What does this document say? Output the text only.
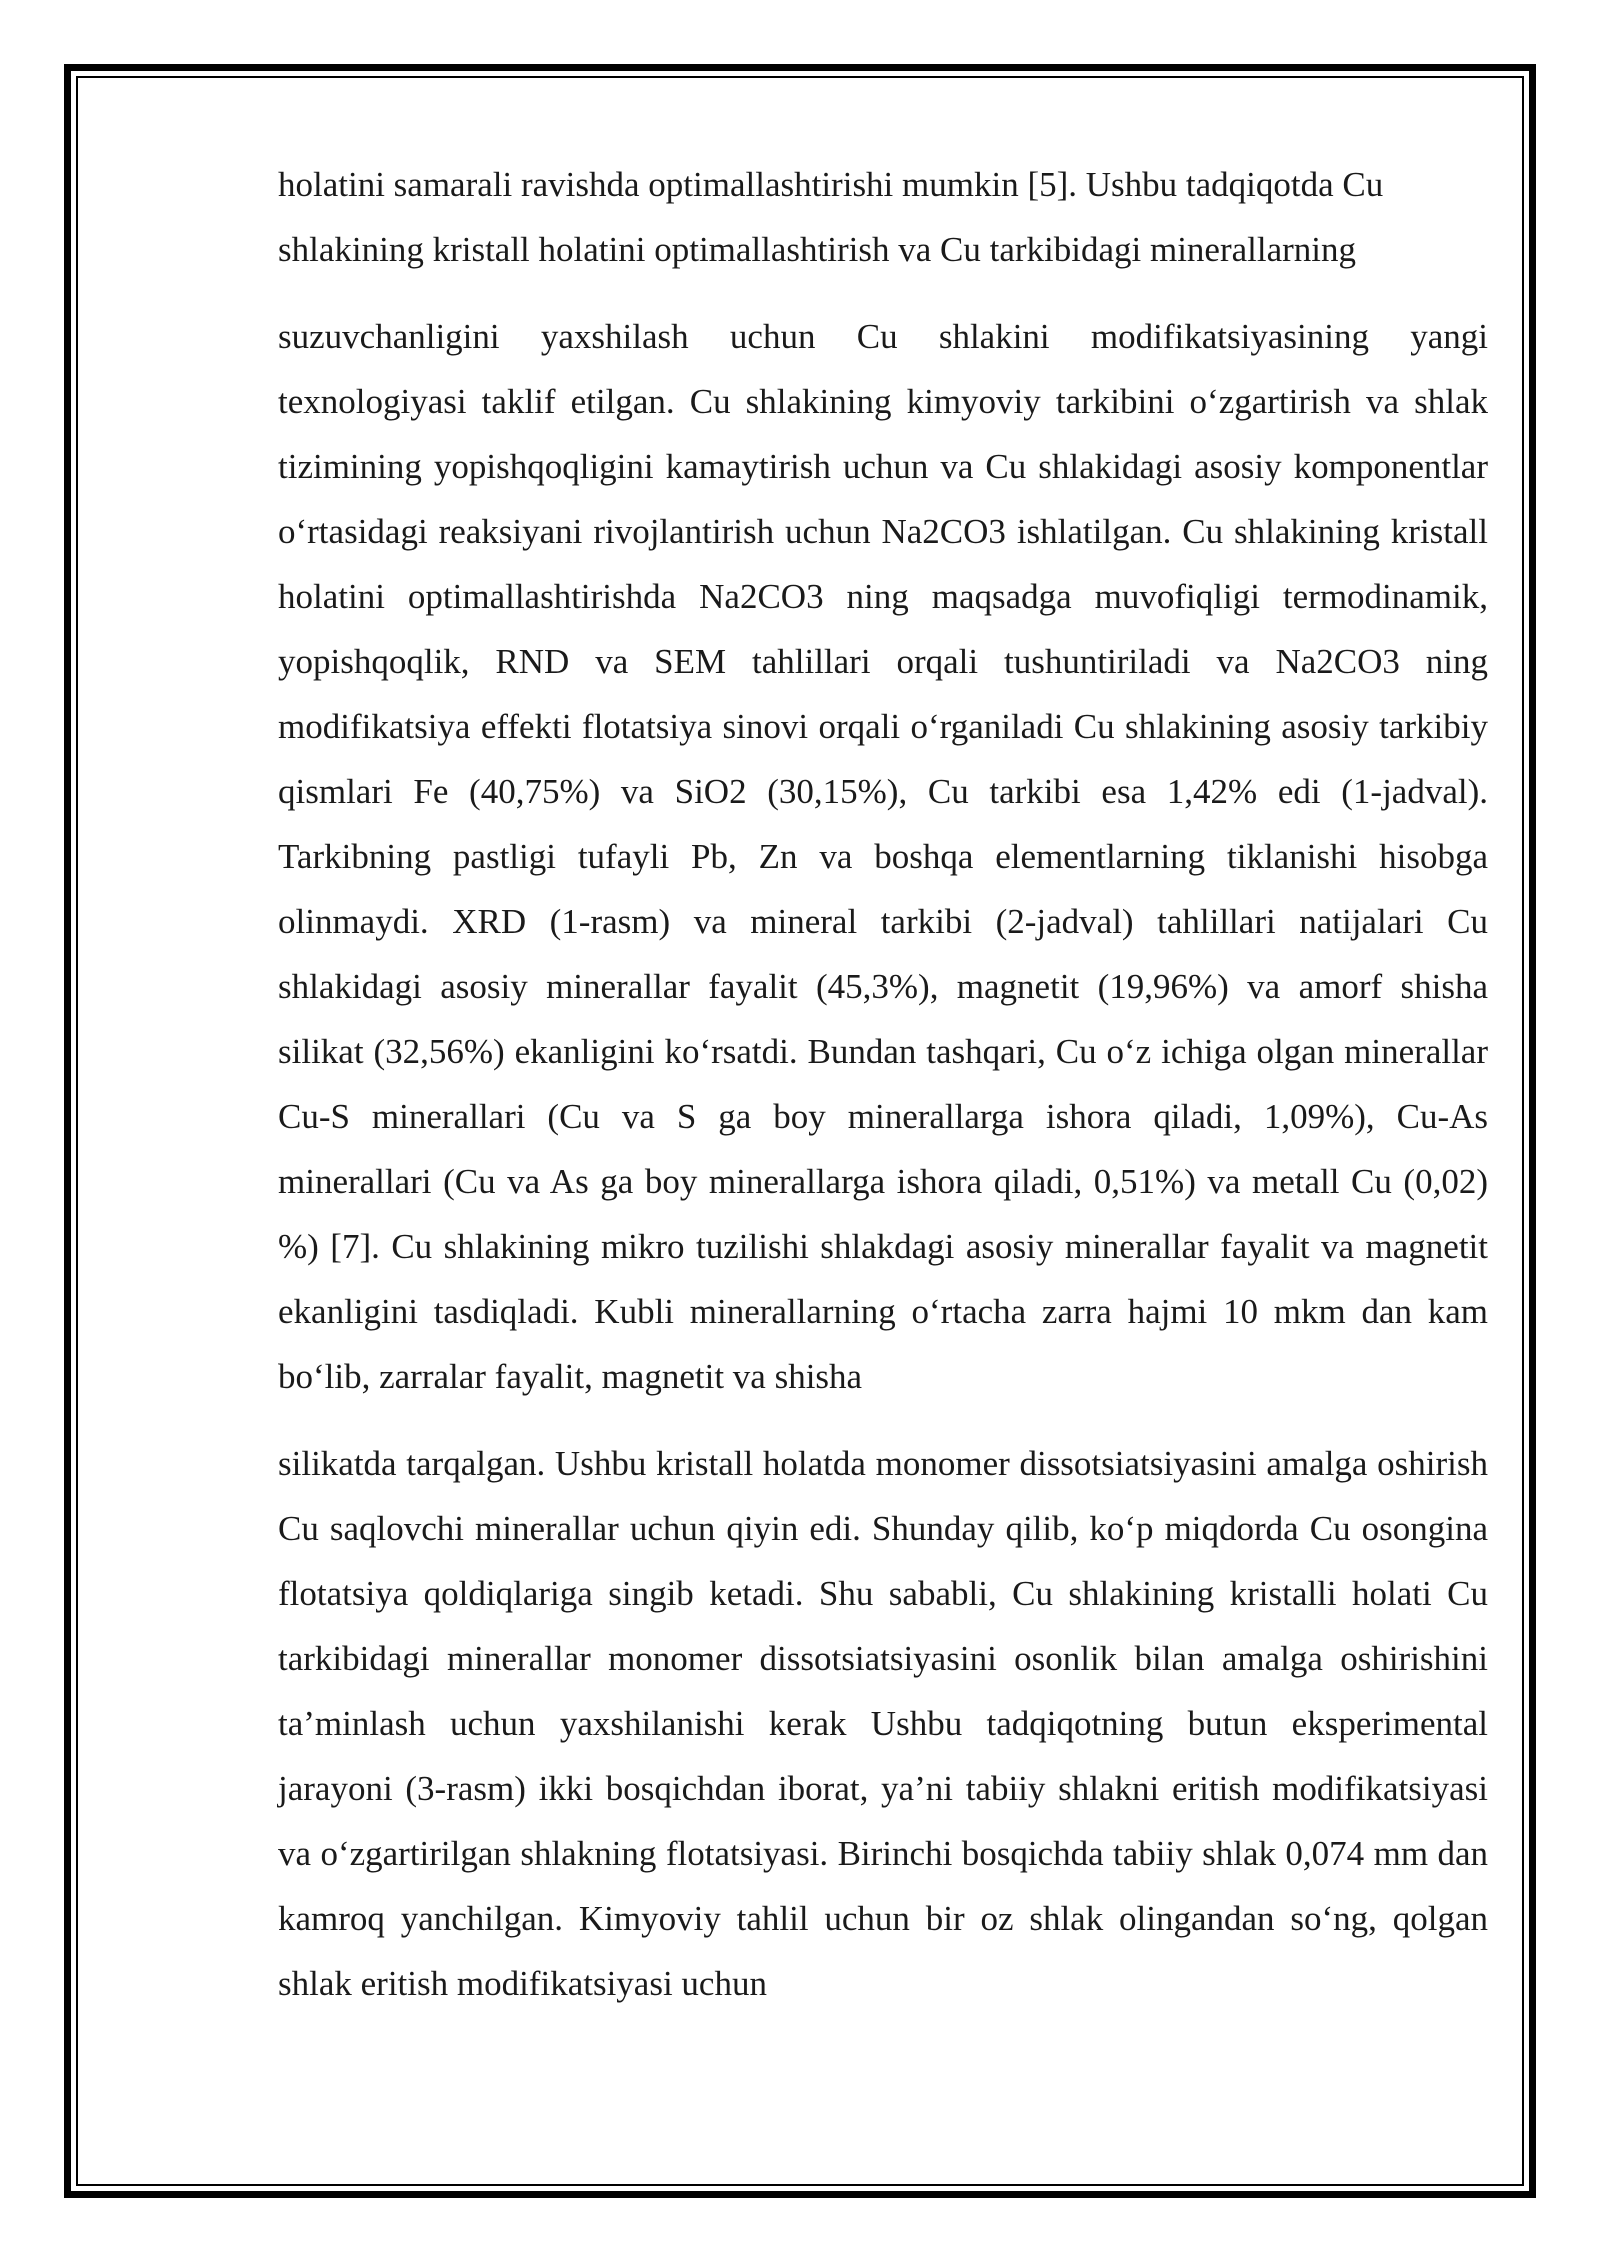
holatini samarali ravishda optimallashtirishi mumkin [5]. Ushbu tadqiqotda Cu shlakining kristall holatini optimallashtirish va Cu tarkibidagi minerallarning

suzuvchanligini yaxshilash uchun Cu shlakini modifikatsiyasining yangi texnologiyasi taklif etilgan. Cu shlakining kimyoviy tarkibini o‘zgartirish va shlak tizimining yopishqoqligini kamaytirish uchun va Cu shlakidagi asosiy komponentlar o‘rtasidagi reaksiyani rivojlantirish uchun Na2CO3 ishlatilgan. Cu shlakining kristall holatini optimallashtirishda Na2CO3 ning maqsadga muvofiqligi termodinamik, yopishqoqlik, RND va SEM tahlillari orqali tushuntiriladi va Na2CO3 ning modifikatsiya effekti flotatsiya sinovi orqali o‘rganiladi Cu shlakining asosiy tarkibiy qismlari Fe (40,75%) va SiO2 (30,15%), Cu tarkibi esa 1,42% edi (1-jadval). Tarkibning pastligi tufayli Pb, Zn va boshqa elementlarning tiklanishi hisobga olinmaydi. XRD (1-rasm) va mineral tarkibi (2-jadval) tahlillari natijalari Cu shlakidagi asosiy minerallar fayalit (45,3%), magnetit (19,96%) va amorf shisha silikat (32,56%) ekanligini ko‘rsatdi. Bundan tashqari, Cu o‘z ichiga olgan minerallar Cu-S minerallari (Cu va S ga boy minerallarga ishora qiladi, 1,09%), Cu-As minerallari (Cu va As ga boy minerallarga ishora qiladi, 0,51%) va metall Cu (0,02) %) [7]. Cu shlakining mikro tuzilishi shlakdagi asosiy minerallar fayalit va magnetit ekanligini tasdiqladi. Kubli minerallarning o‘rtacha zarra hajmi 10 mkm dan kam bo‘lib, zarralar fayalit, magnetit va shisha

silikatda tarqalgan. Ushbu kristall holatda monomer dissotsiatsiyasini amalga oshirish Cu saqlovchi minerallar uchun qiyin edi. Shunday qilib, ko‘p miqdorda Cu osongina flotatsiya qoldiqlariga singib ketadi. Shu sababli, Cu shlakining kristalli holati Cu tarkibidagi minerallar monomer dissotsiatsiyasini osonlik bilan amalga oshirishini ta’minlash uchun yaxshilanishi kerak Ushbu tadqiqotning butun eksperimental jarayoni (3-rasm) ikki bosqichdan iborat, ya’ni tabiiy shlakni eritish modifikatsiyasi va o‘zgartirilgan shlakning flotatsiyasi. Birinchi bosqichda tabiiy shlak 0,074 mm dan kamroq yanchilgan. Kimyoviy tahlil uchun bir oz shlak olingandan so‘ng, qolgan shlak eritish modifikatsiyasi uchun
